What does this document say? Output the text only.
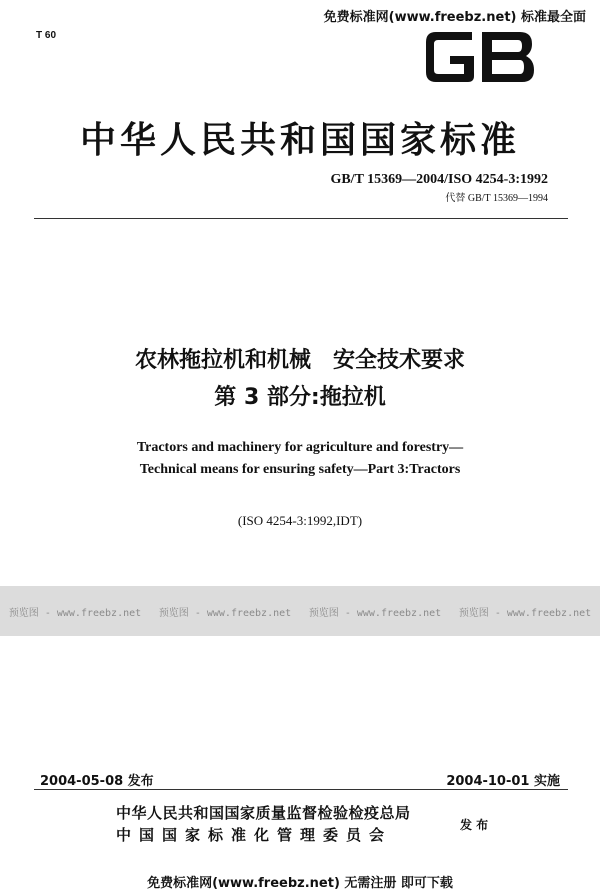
T 60
免费标准网(www.freebz.net) 标准最全面
中华人民共和国国家标准
GB/T 15369—2004/ISO 4254-3:1992
代替 GB/T 15369—1994
农林拖拉机和机械　安全技术要求
第 3 部分:拖拉机
Tractors and machinery for agriculture and forestry—
Technical means for ensuring safety—Part 3:Tractors
(ISO 4254-3:1992,IDT)
预览图 - www.freebz.net 预览图 - www.freebz.net 预览图 - www.freebz.net 预览图 - www.freebz.net
2004-05-08 发布	2004-10-01 实施
中华人民共和国国家质量监督检验检疫总局
中国国家标准化管理委员会
发 布
免费标准网(www.freebz.net) 无需注册 即可下载
